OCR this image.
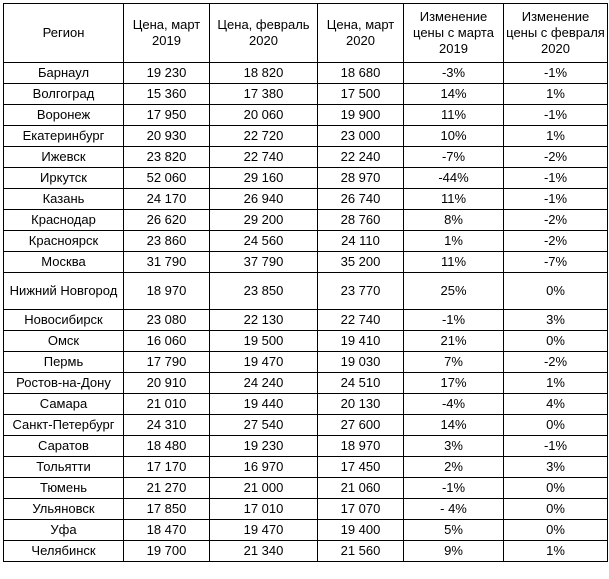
Регион	Цена, март 2019	Цена, февраль 2020	Цена, март 2020	Изменение цены с марта 2019	Изменение цены с февраля 2020
Барнаул	19 230	18 820	18 680	-3%	-1%
Волгоград	15 360	17 380	17 500	14%	1%
Воронеж	17 950	20 060	19 900	11%	-1%
Екатеринбург	20 930	22 720	23 000	10%	1%
Ижевск	23 820	22 740	22 240	-7%	-2%
Иркутск	52 060	29 160	28 970	-44%	-1%
Казань	24 170	26 940	26 740	11%	-1%
Краснодар	26 620	29 200	28 760	8%	-2%
Красноярск	23 860	24 560	24 110	1%	-2%
Москва	31 790	37 790	35 200	11%	-7%
Нижний Новгород	18 970	23 850	23 770	25%	0%
Новосибирск	23 080	22 130	22 740	-1%	3%
Омск	16 060	19 500	19 410	21%	0%
Пермь	17 790	19 470	19 030	7%	-2%
Ростов-на-Дону	20 910	24 240	24 510	17%	1%
Самара	21 010	19 440	20 130	-4%	4%
Санкт-Петербург	24 310	27 540	27 600	14%	0%
Саратов	18 480	19 230	18 970	3%	-1%
Тольятти	17 170	16 970	17 450	2%	3%
Тюмень	21 270	21 000	21 060	-1%	0%
Ульяновск	17 850	17 010	17 070	- 4%	0%
Уфа	18 470	19 470	19 400	5%	0%
Челябинск	19 700	21 340	21 560	9%	1%
